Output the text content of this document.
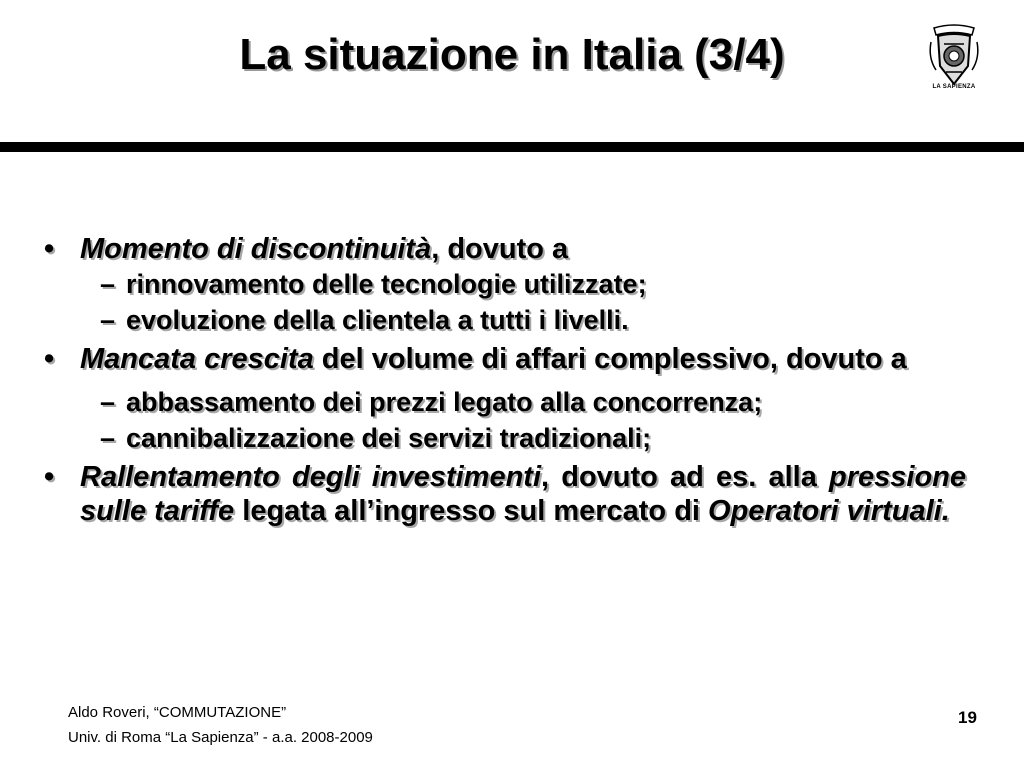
La situazione in Italia (3/4)
LA SAPIENZA
• Momento di discontinuità, dovuto a
– rinnovamento delle tecnologie utilizzate;
– evoluzione della clientela a tutti i livelli.
• Mancata crescita del volume di affari complessivo, dovuto a
– abbassamento dei prezzi legato alla concorrenza;
– cannibalizzazione dei servizi tradizionali;
• Rallentamento degli investimenti, dovuto ad es. alla pressione sulle tariffe legata all’ingresso sul mercato di Operatori virtuali.
Aldo Roveri, “COMMUTAZIONE”
Univ. di Roma “La Sapienza” - a.a. 2008-2009
19
